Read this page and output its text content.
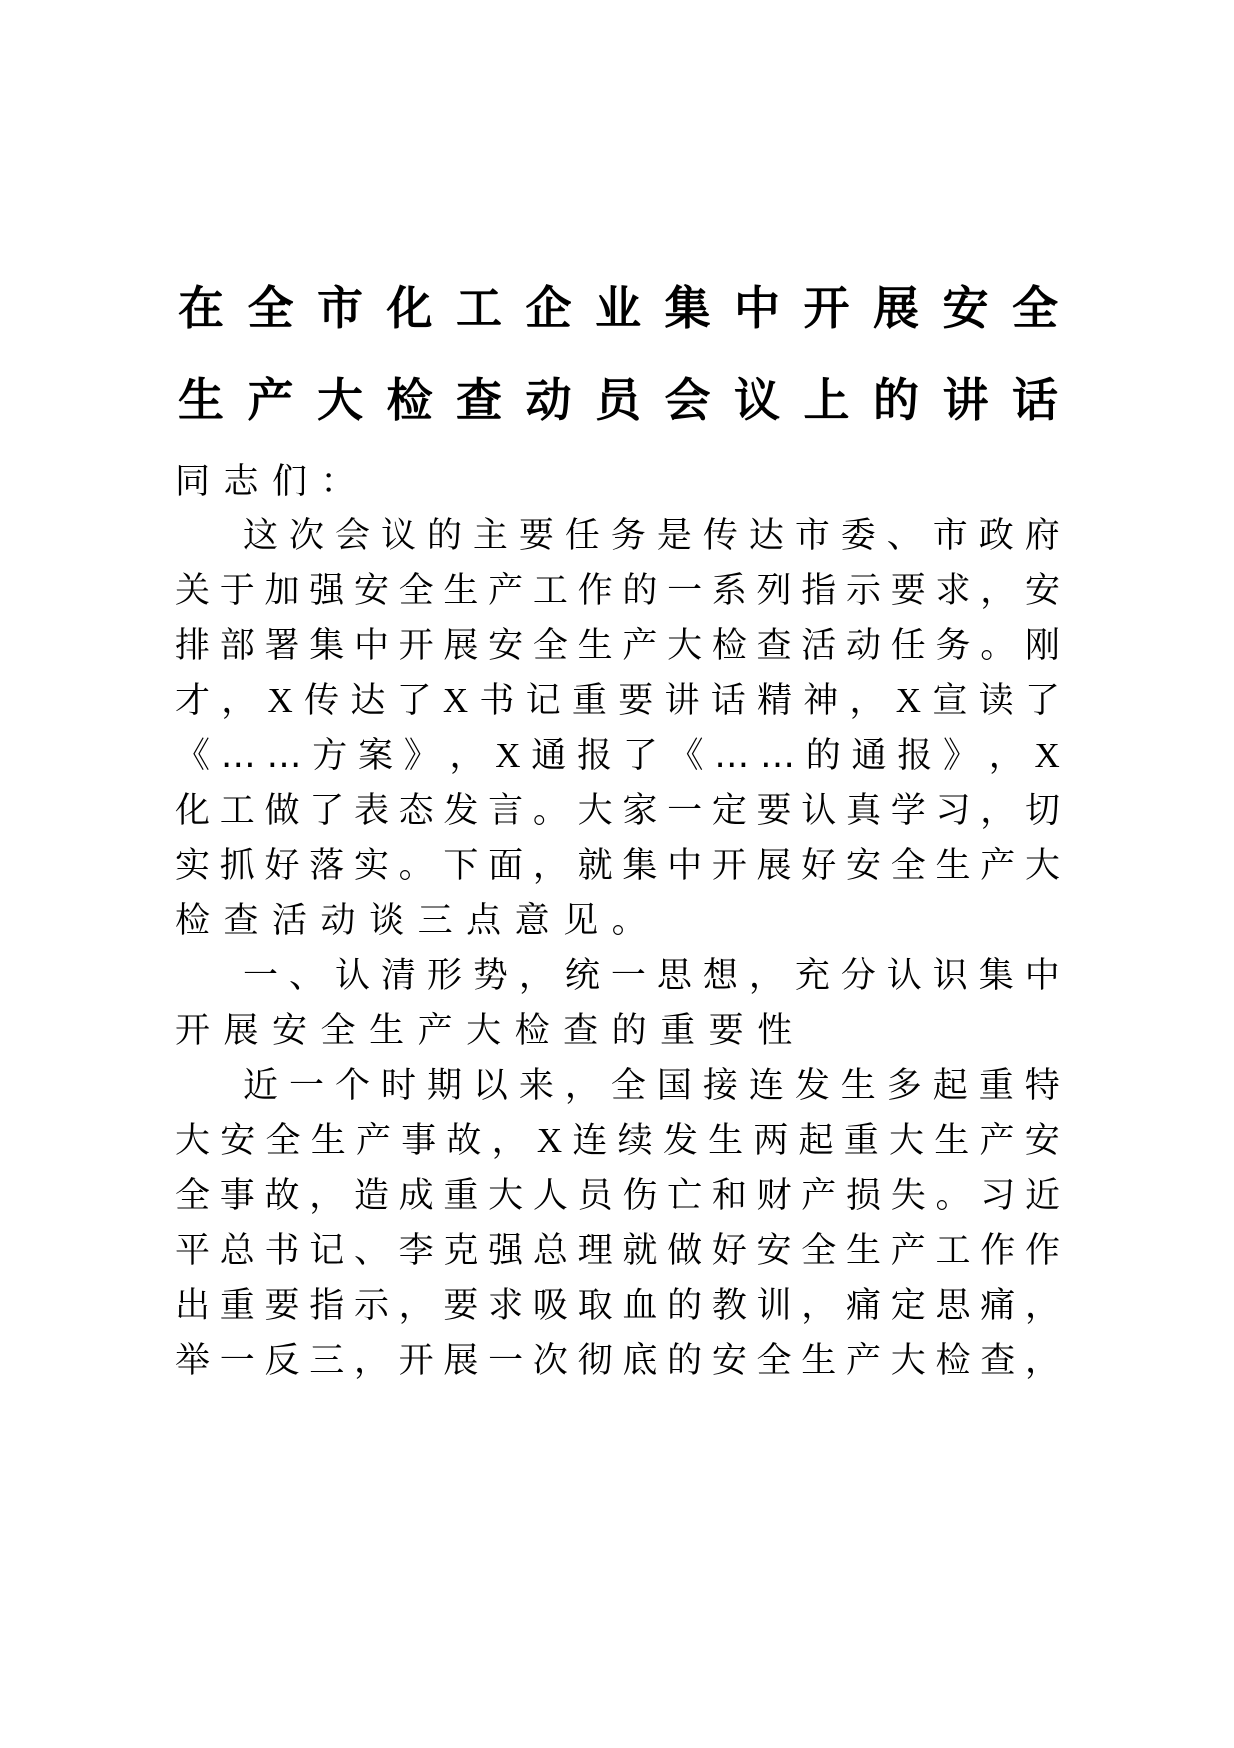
在 全 市 化 工 企 业 集 中 开 展 安 全
生 产 大 检 查 动 员 会 议 上 的 讲 话
同 志 们 ：
这 次 会 议 的 主 要 任 务 是 传 达 市 委 、 市 政 府
关 于 加 强 安 全 生 产 工 作 的 一 系 列 指 示 要 求 ， 安
排 部 署 集 中 开 展 安 全 生 产 大 检 查 活 动 任 务 。 刚
才 ， X 传 达 了 X 书 记 重 要 讲 话 精 神 ， X 宣 读 了
《 … … 方 案 》 ， X 通 报 了 《 … … 的 通 报 》 ， X
化 工 做 了 表 态 发 言 。 大 家 一 定 要 认 真 学 习 ， 切
实 抓 好 落 实 。 下 面 ， 就 集 中 开 展 好 安 全 生 产 大
检 查 活 动 谈 三 点 意 见 。
一 、 认 清 形 势 ， 统 一 思 想 ， 充 分 认 识 集 中
开 展 安 全 生 产 大 检 查 的 重 要 性
近 一 个 时 期 以 来 ， 全 国 接 连 发 生 多 起 重 特
大 安 全 生 产 事 故 ， X 连 续 发 生 两 起 重 大 生 产 安
全 事 故 ， 造 成 重 大 人 员 伤 亡 和 财 产 损 失 。 习 近
平 总 书 记 、 李 克 强 总 理 就 做 好 安 全 生 产 工 作 作
出 重 要 指 示 ， 要 求 吸 取 血 的 教 训 ， 痛 定 思 痛 ，
举 一 反 三 ， 开 展 一 次 彻 底 的 安 全 生 产 大 检 查 ，
